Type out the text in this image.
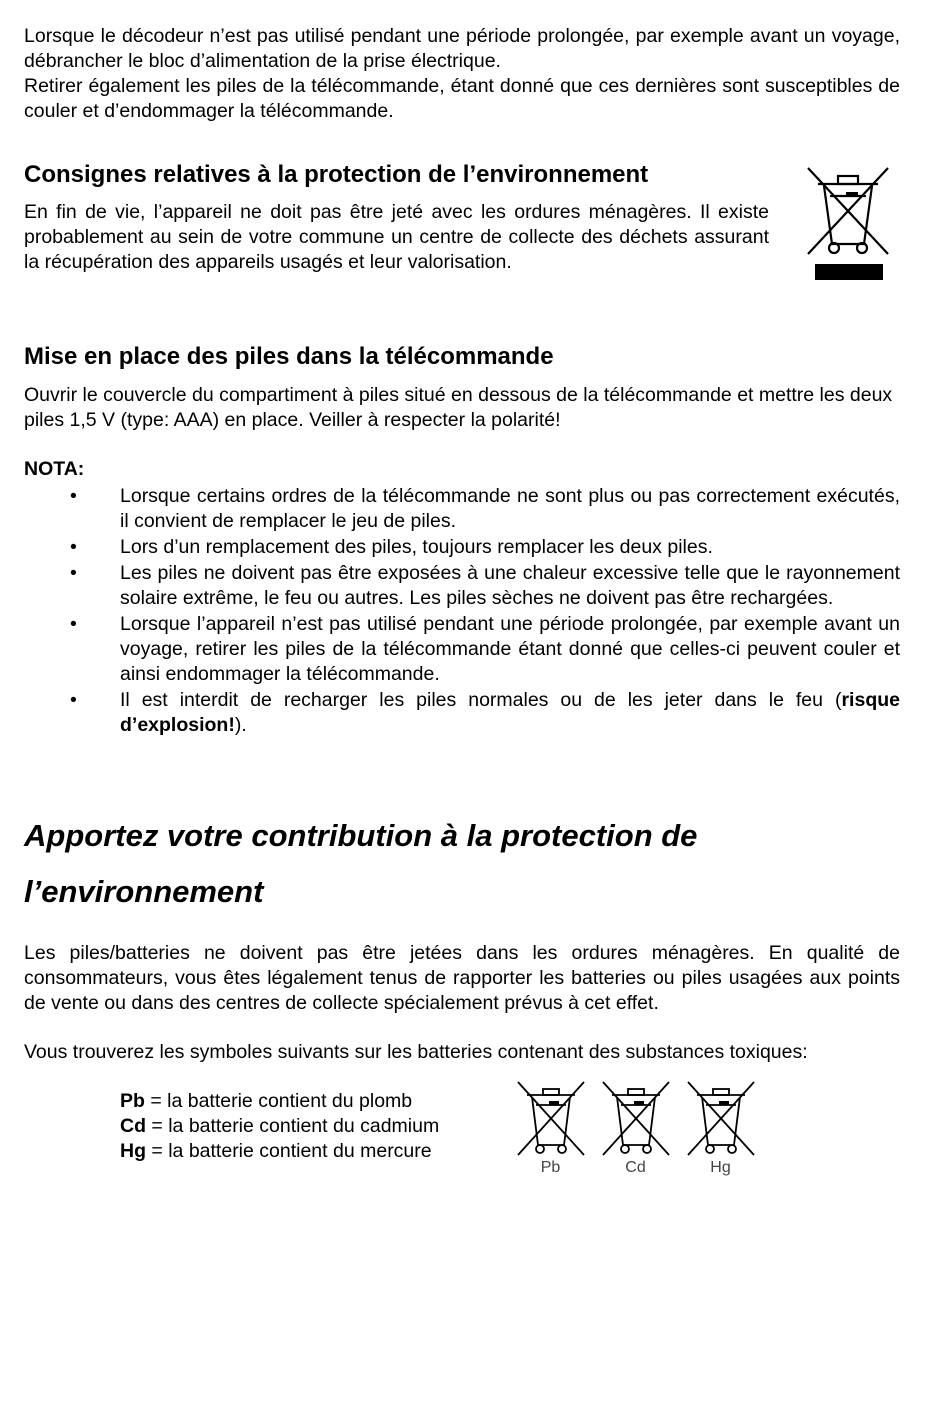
Lorsque le décodeur n’est pas utilisé pendant une période prolongée, par exemple avant un voyage, débrancher le bloc d’alimentation de la prise électrique.

Retirer également les piles de la télécommande, étant donné que ces dernières sont susceptibles de couler et d’endommager la télécommande.

Consignes relatives à la protection de l’environnement

En fin de vie, l’appareil ne doit pas être jeté avec les ordures ménagères. Il existe probablement au sein de votre commune un centre de collecte des déchets assurant la récupération des appareils usagés et leur valorisation.

Mise en place des piles dans la télécommande

Ouvrir le couvercle du compartiment à piles situé en dessous de la télécommande et mettre les deux piles 1,5 V (type: AAA) en place. Veiller à respecter la polarité!

NOTA:
• Lorsque certains ordres de la télécommande ne sont plus ou pas correctement exécutés, il convient de remplacer le jeu de piles.
• Lors d’un remplacement des piles, toujours remplacer les deux piles.
• Les piles ne doivent pas être exposées à une chaleur excessive telle que le rayonnement solaire extrême, le feu ou autres. Les piles sèches ne doivent pas être rechargées.
• Lorsque l’appareil n’est pas utilisé pendant une période prolongée, par exemple avant un voyage, retirer les piles de la télécommande étant donné que celles-ci peuvent couler et ainsi endommager la télécommande.
• Il est interdit de recharger les piles normales ou de les jeter dans le feu (risque d’explosion!).
Apportez votre contribution à la protection de
l’environnement

Les piles/batteries ne doivent pas être jetées dans les ordures ménagères. En qualité de consommateurs, vous êtes légalement tenus de rapporter les batteries ou piles usagées aux points de vente ou dans des centres de collecte spécialement prévus à cet effet.

Vous trouverez les symboles suivants sur les batteries contenant des substances toxiques:

Pb = la batterie contient du plomb
Cd = la batterie contient du cadmium
Hg = la batterie contient du mercure
Pb	Cd	Hg
